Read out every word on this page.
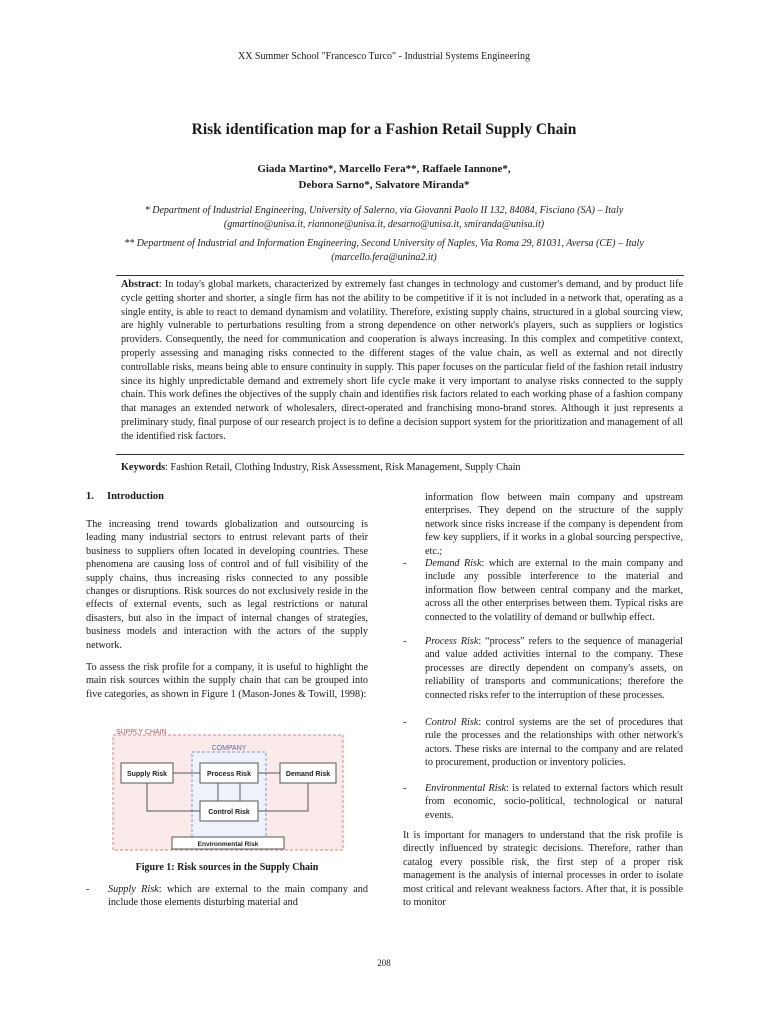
XX Summer School "Francesco Turco" - Industrial Systems Engineering
Risk identification map for a Fashion Retail Supply Chain
Giada Martino*, Marcello Fera**, Raffaele Iannone*,
Debora Sarno*, Salvatore Miranda*
* Department of Industrial Engineering, University of Salerno, via Giovanni Paolo II 132, 84084, Fisciano (SA) – Italy (gmartino@unisa.it, riannone@unisa.it, desarno@unisa.it, smiranda@unisa.it)
** Department of Industrial and Information Engineering, Second University of Naples, Via Roma 29, 81031, Aversa (CE) – Italy (marcello.fera@unina2.it)
Abstract: In today's global markets, characterized by extremely fast changes in technology and customer's demand, and by product life cycle getting shorter and shorter, a single firm has not the ability to be competitive if it is not included in a network that, operating as a single entity, is able to react to demand dynamism and volatility. Therefore, existing supply chains, structured in a global sourcing view, are highly vulnerable to perturbations resulting from a strong dependence on other network's players, such as suppliers or logistics providers. Consequently, the need for communication and cooperation is always increasing. In this complex and competitive context, properly assessing and managing risks connected to the different stages of the value chain, as well as external and not directly controllable risks, means being able to ensure continuity in supply. This paper focuses on the particular field of the fashion retail industry since its highly unpredictable demand and extremely short life cycle make it very important to analyse risks connected to the supply chain. This work defines the objectives of the supply chain and identifies risk factors related to each working phase of a fashion company that manages an extended network of wholesalers, direct-operated and franchising mono-brand stores. Although it just represents a preliminary study, final purpose of our research project is to define a decision support system for the prioritization and management of all the identified risk factors.
Keywords: Fashion Retail, Clothing Industry, Risk Assessment, Risk Management, Supply Chain
1.     Introduction
The increasing trend towards globalization and outsourcing is leading many industrial sectors to entrust relevant parts of their business to suppliers often located in developing countries. These phenomena are causing loss of control and of full visibility of the supply chains, thus increasing risks connected to any possible changes or disruptions. Risk sources do not exclusively reside in the effects of external events, such as legal restrictions or natural disasters, but also in the impact of internal changes of strategies, business models and interaction with the actors of the supply network.
To assess the risk profile for a company, it is useful to highlight the main risk sources within the supply chain that can be grouped into five categories, as shown in Figure 1 (Mason-Jones & Towill, 1998):
SUPPLY CHAIN
COMPANY
Supply Risk	Process Risk	Demand Risk
Control Risk
Environmental Risk
Figure 1: Risk sources in the Supply Chain
- Supply Risk: which are external to the main company and include those elements disturbing material and
information flow between main company and upstream enterprises. They depend on the structure of the supply network since risks increase if the company is dependent from few key suppliers, if it works in a global sourcing perspective, etc.;
- Demand Risk: which are external to the main company and include any possible interference to the material and information flow between central company and the market, across all the other enterprises between them. Typical risks are connected to the volatility of demand or bullwhip effect.
- Process Risk: “process” refers to the sequence of managerial and value added activities internal to the company. These processes are directly dependent on company's assets, on reliability of transports and communications; therefore the connected risks refer to the interruption of these processes.
- Control Risk: control systems are the set of procedures that rule the processes and the relationships with other network's actors. These risks are internal to the company and are related to procurement, production or inventory policies.
- Environmental Risk: is related to external factors which result from economic, socio-political, technological or natural events.
It is important for managers to understand that the risk profile is directly influenced by strategic decisions. Therefore, rather than catalog every possible risk, the first step of a proper risk management is the analysis of internal processes in order to isolate most critical and relevant weakness factors. After that, it is possible to monitor
208
